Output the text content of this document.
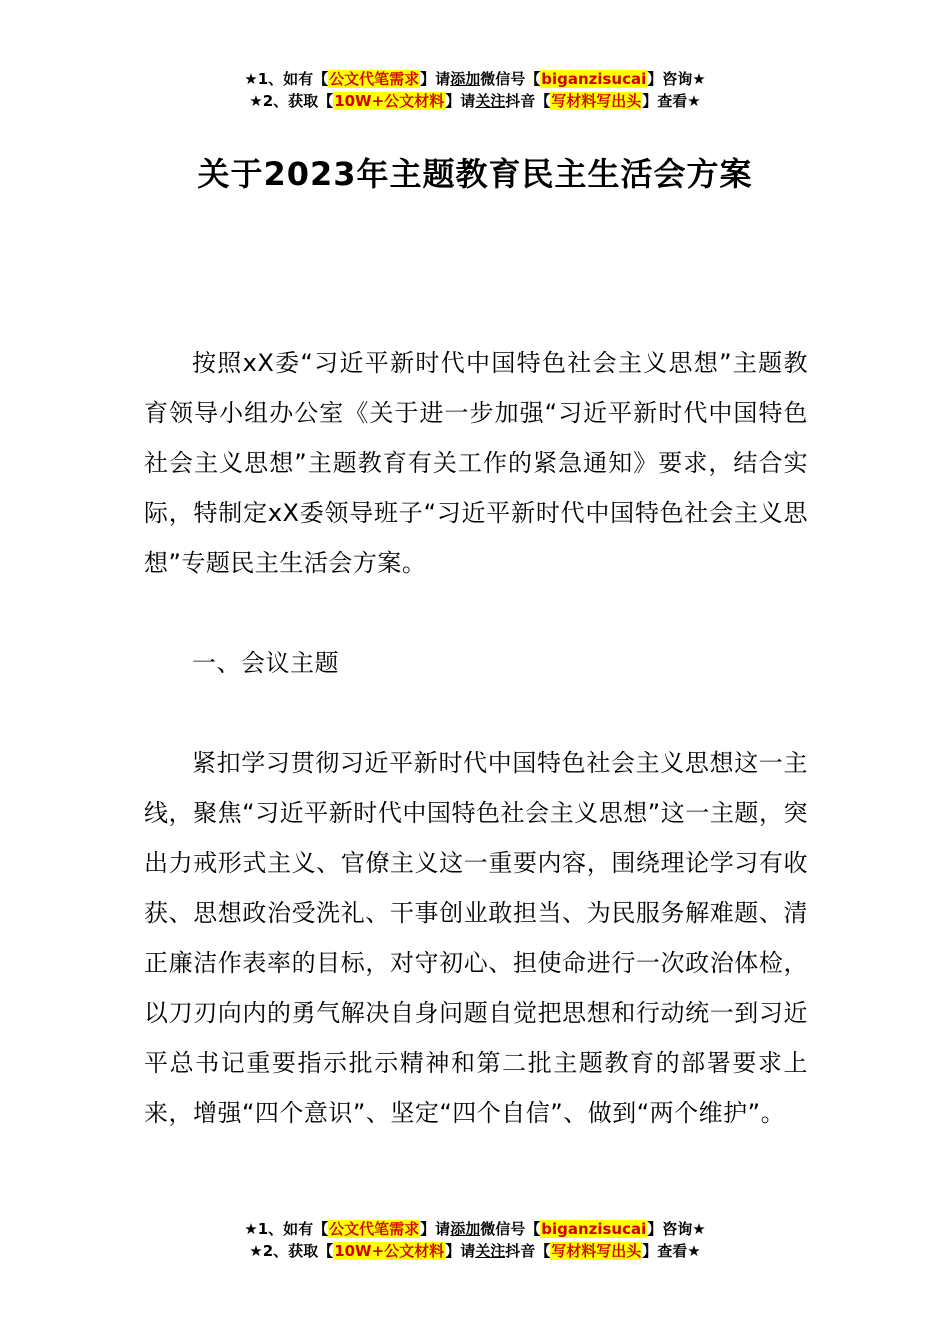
★1、如有【公文代笔需求】请添加微信号【biganzisucai】咨询★
★2、获取【10W+公文材料】请关注抖音【写材料写出头】查看★
关于2023年主题教育民主生活会方案

按照xX委“习近平新时代中国特色社会主义思想”主题教育领导小组办公室《关于进一步加强“习近平新时代中国特色社会主义思想”主题教育有关工作的紧急通知》要求，结合实际，特制定xX委领导班子“习近平新时代中国特色社会主义思想”专题民主生活会方案。

一、会议主题

紧扣学习贯彻习近平新时代中国特色社会主义思想这一主线，聚焦“习近平新时代中国特色社会主义思想”这一主题，突出力戒形式主义、官僚主义这一重要内容，围绕理论学习有收获、思想政治受洗礼、干事创业敢担当、为民服务解难题、清正廉洁作表率的目标，对守初心、担使命进行一次政治体检，以刀刃向内的勇气解决自身问题自觉把思想和行动统一到习近平总书记重要指示批示精神和第二批主题教育的部署要求上来，增强“四个意识”、坚定“四个自信”、做到“两个维护”。

★1、如有【公文代笔需求】请添加微信号【biganzisucai】咨询★
★2、获取【10W+公文材料】请关注抖音【写材料写出头】查看★
